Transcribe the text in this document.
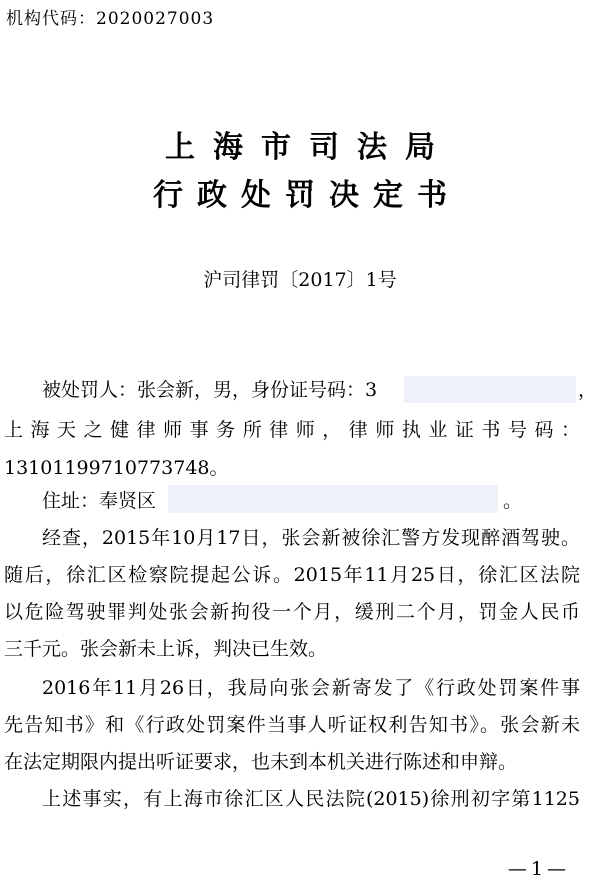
机构代码：2020027003
上海市司法局
行政处罚决定书
沪司律罚〔2017〕1号
被处罚人：张会新，男，身份证号码：3	，
上海天之健律师事务所律师，律师执业证书号码：
13101199710773748。
住址：奉贤区	。
经查，2015年10月17日，张会新被徐汇警方发现醉酒驾驶。
随后，徐汇区检察院提起公诉。2015年11月25日，徐汇区法院
以危险驾驶罪判处张会新拘役一个月，缓刑二个月，罚金人民币
三千元。张会新未上诉，判决已生效。
2016年11月26日，我局向张会新寄发了《行政处罚案件事
先告知书》和《行政处罚案件当事人听证权利告知书》。张会新未
在法定期限内提出听证要求，也未到本机关进行陈述和申辩。
上述事实，有上海市徐汇区人民法院(2015)徐刑初字第1125
—1—
